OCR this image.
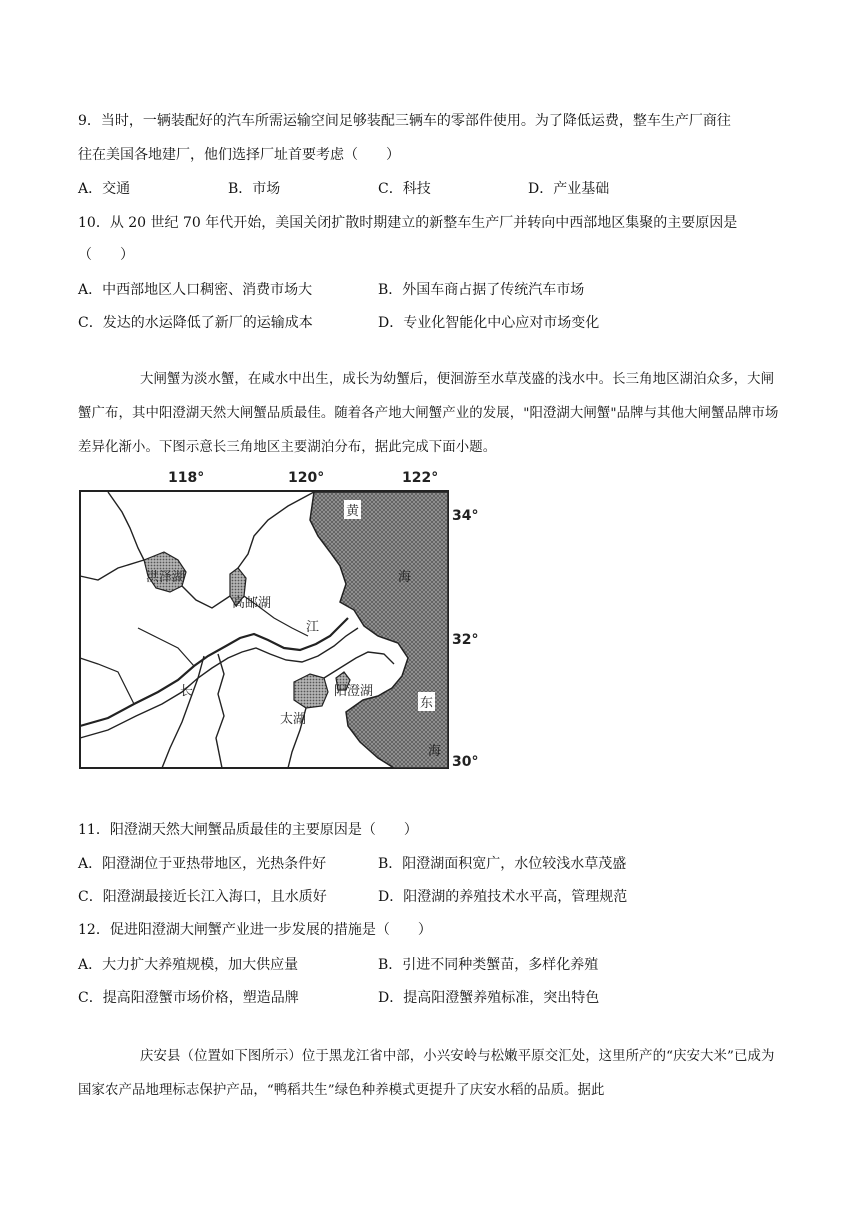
9．当时，一辆装配好的汽车所需运输空间足够装配三辆车的零部件使用。为了降低运费，整车生产厂商往
往在美国各地建厂，他们选择厂址首要考虑（　　）
A．交通	B．市场	C．科技	D．产业基础
10．从 20 世纪 70 年代开始，美国关闭扩散时期建立的新整车生产厂并转向中西部地区集聚的主要原因是
（　　）
A．中西部地区人口稠密、消费市场大	B．外国车商占据了传统汽车市场
C．发达的水运降低了新厂的运输成本	D．专业化智能化中心应对市场变化
大闸蟹为淡水蟹，在咸水中出生，成长为幼蟹后，便洄游至水草茂盛的浅水中。长三角地区湖泊众多，大闸蟹广布，其中阳澄湖天然大闸蟹品质最佳。随着各产地大闸蟹产业的发展，"阳澄湖大闸蟹"品牌与其他大闸蟹品牌市场差异化渐小。下图示意长三角地区主要湖泊分布，据此完成下面小题。
118°	120°	122°
34°
32°
30°
洪泽湖
高邮湖
江
长	阳澄湖
太湖
黄
海
东
海
11．阳澄湖天然大闸蟹品质最佳的主要原因是（　　）
A．阳澄湖位于亚热带地区，光热条件好	B．阳澄湖面积宽广，水位较浅水草茂盛
C．阳澄湖最接近长江入海口，且水质好	D．阳澄湖的养殖技术水平高，管理规范
12．促进阳澄湖大闸蟹产业进一步发展的措施是（　　）
A．大力扩大养殖规模，加大供应量	B．引进不同种类蟹苗，多样化养殖
C．提高阳澄蟹市场价格，塑造品牌	D．提高阳澄蟹养殖标准，突出特色
庆安县（位置如下图所示）位于黑龙江省中部，小兴安岭与松嫩平原交汇处，这里所产的“庆安大米”已成为国家农产品地理标志保护产品，“鸭稻共生”绿色种养模式更提升了庆安水稻的品质。据此
